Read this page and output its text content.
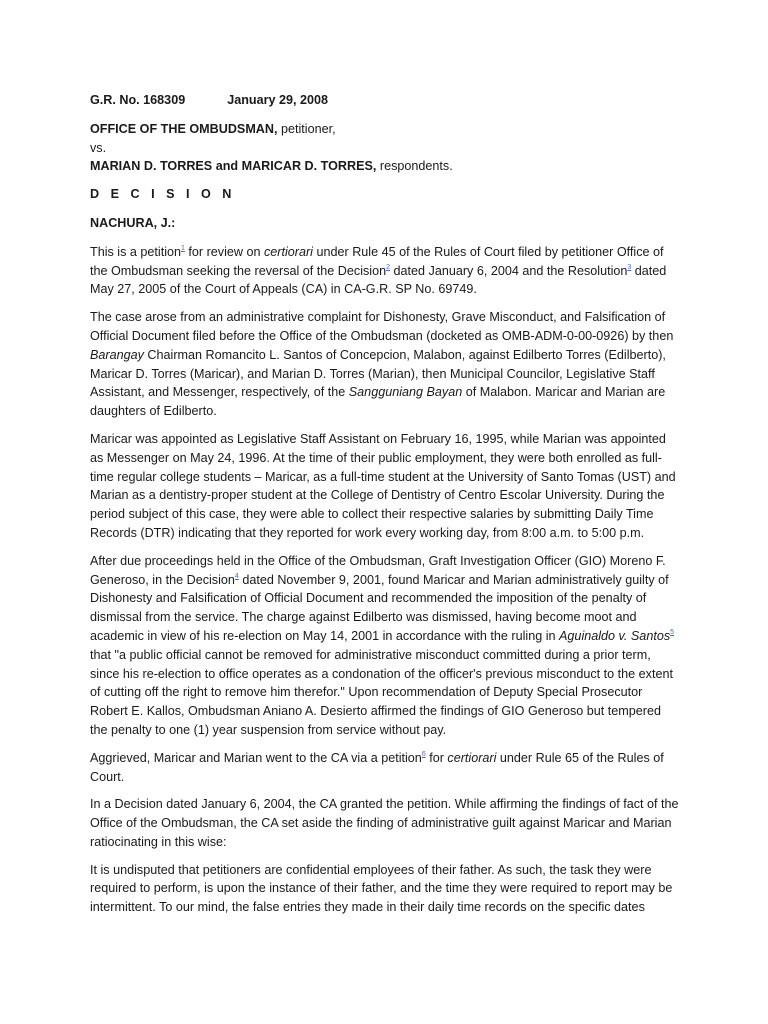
G.R. No. 168309	January 29, 2008

OFFICE OF THE OMBUDSMAN, petitioner,

vs.

MARIAN D. TORRES and MARICAR D. TORRES, respondents.

D E C I S I O N

NACHURA, J.:

This is a petition$^1$ for review on certiorari under Rule 45 of the Rules of Court filed by petitioner Office of the Ombudsman seeking the reversal of the Decision$^2$ dated January 6, 2004 and the Resolution$^3$ dated May 27, 2005 of the Court of Appeals (CA) in CA-G.R. SP No. 69749.

The case arose from an administrative complaint for Dishonesty, Grave Misconduct, and Falsification of Official Document filed before the Office of the Ombudsman (docketed as OMB-ADM-0-00-0926) by then Barangay Chairman Romancito L. Santos of Concepcion, Malabon, against Edilberto Torres (Edilberto), Maricar D. Torres (Maricar), and Marian D. Torres (Marian), then Municipal Councilor, Legislative Staff Assistant, and Messenger, respectively, of the Sangguniang Bayan of Malabon. Maricar and Marian are daughters of Edilberto.

Maricar was appointed as Legislative Staff Assistant on February 16, 1995, while Marian was appointed as Messenger on May 24, 1996. At the time of their public employment, they were both enrolled as full-time regular college students – Maricar, as a full-time student at the University of Santo Tomas (UST) and Marian as a dentistry-proper student at the College of Dentistry of Centro Escolar University. During the period subject of this case, they were able to collect their respective salaries by submitting Daily Time Records (DTR) indicating that they reported for work every working day, from 8:00 a.m. to 5:00 p.m.

After due proceedings held in the Office of the Ombudsman, Graft Investigation Officer (GIO) Moreno F. Generoso, in the Decision$^4$ dated November 9, 2001, found Maricar and Marian administratively guilty of Dishonesty and Falsification of Official Document and recommended the imposition of the penalty of dismissal from the service. The charge against Edilberto was dismissed, having become moot and academic in view of his re-election on May 14, 2001 in accordance with the ruling in Aguinaldo v. Santos$^5$ that "a public official cannot be removed for administrative misconduct committed during a prior term, since his re-election to office operates as a condonation of the officer's previous misconduct to the extent of cutting off the right to remove him therefor." Upon recommendation of Deputy Special Prosecutor Robert E. Kallos, Ombudsman Aniano A. Desierto affirmed the findings of GIO Generoso but tempered the penalty to one (1) year suspension from service without pay.

Aggrieved, Maricar and Marian went to the CA via a petition$^6$ for certiorari under Rule 65 of the Rules of Court.

In a Decision dated January 6, 2004, the CA granted the petition. While affirming the findings of fact of the Office of the Ombudsman, the CA set aside the finding of administrative guilt against Maricar and Marian ratiocinating in this wise:

It is undisputed that petitioners are confidential employees of their father. As such, the task they were required to perform, is upon the instance of their father, and the time they were required to report may be intermittent. To our mind, the false entries they made in their daily time records on the specific dates
